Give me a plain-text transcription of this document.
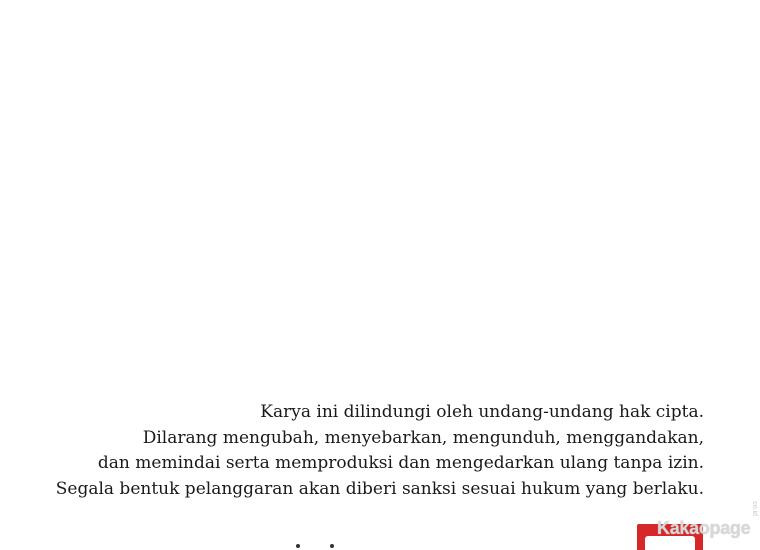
Karya ini dilindungi oleh undang-undang hak cipta.
Dilarang mengubah, menyebarkan, mengunduh, menggandakan,
dan memindai serta memproduksi dan mengedarkan ulang tanpa izin.
Segala bentuk pelanggaran akan diberi sanksi sesuai hukum yang berlaku.
Kakaopage
co.id
